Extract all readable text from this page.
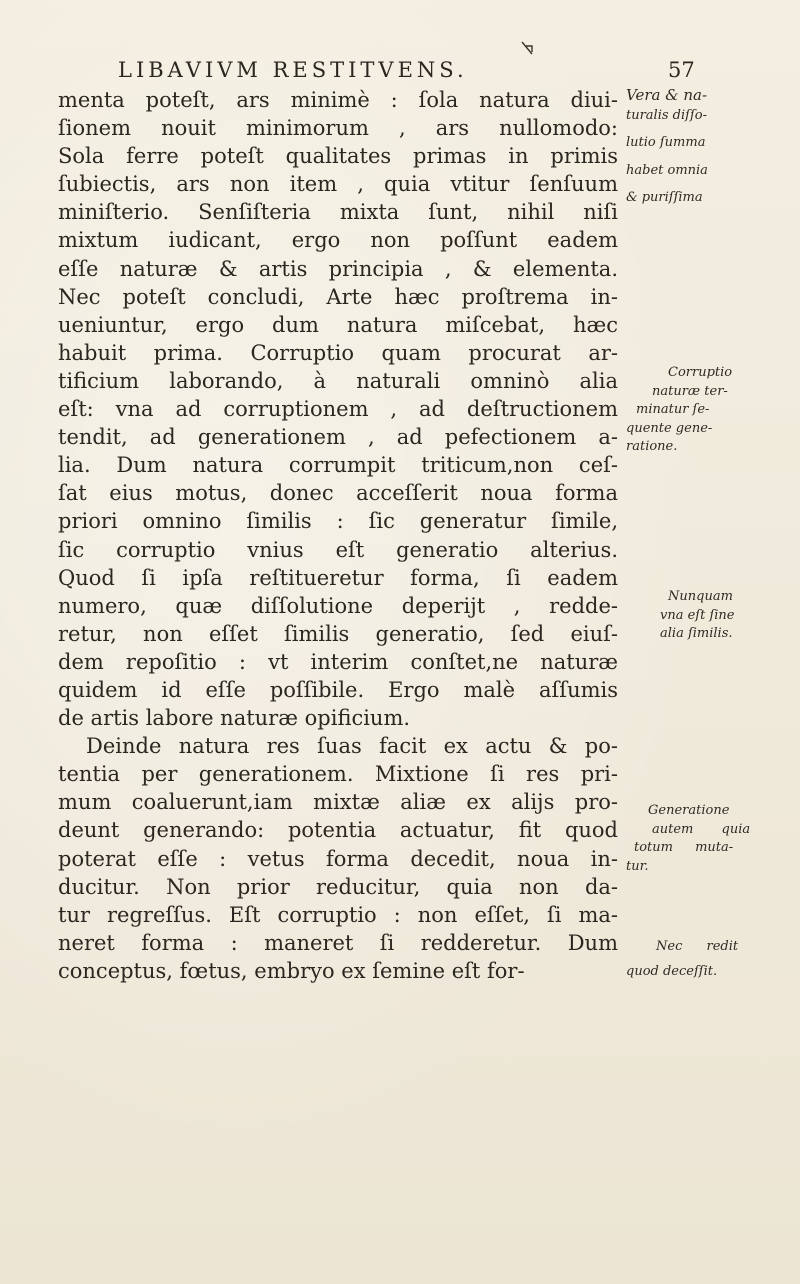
LIBAVIVM RESTITVENS.	57
menta poteſt, ars minimè : ſola natura diui-
ſionem nouit minimorum , ars nullomodo:
Sola ferre poteſt qualitates primas in primis
ſubiectis, ars non item , quia vtitur ſenſuum
miniſterio. Senſiſteria mixta ſunt, nihil niſi
mixtum iudicant, ergo non poſſunt eadem
eſſe naturæ & artis principia , & elementa.
Nec poteſt concludi, Arte hæc proſtrema in-
ueniuntur, ergo dum natura miſcebat, hæc
habuit prima. Corruptio quam procurat ar-
tificium laborando, à naturali omninò alia
eſt: vna ad corruptionem , ad deſtructionem
tendit, ad generationem , ad pefectionem a-
lia. Dum natura corrumpit triticum,non ceſ-
ſat eius motus, donec acceſſerit noua forma
priori omnino ſimilis : ſic generatur ſimile,
ſic corruptio vnius eſt generatio alterius.
Quod ſi ipſa reſtitueretur forma, ſi eadem
numero, quæ diſſolutione deperijt , redde-
retur, non eſſet ſimilis generatio, ſed eiuſ-
dem repoſitio : vt interim conſtet,ne naturæ
quidem id eſſe poſſibile. Ergo malè aſſumis
de artis labore naturæ opificium.
Deinde natura res ſuas facit ex actu & po-
tentia per generationem. Mixtione ſi res pri-
mum coaluerunt,iam mixtæ aliæ ex alijs pro-
deunt generando: potentia actuatur, fit quod
poterat eſſe : vetus forma decedit, noua in-
ducitur. Non prior reducitur, quia non da-
tur regreſſus. Eſt corruptio : non eſſet, ſi ma-
neret forma : maneret ſi redderetur. Dum
conceptus, fœtus, embryo ex ſemine eſt for-
Vera & na-
turalis diſſo-
lutio ſumma
habet omnia
& puriſſima
Corruptio
naturæ ter-
minatur ſe-
quente gene-
ratione.
Nunquam
vna eſt ſine
alia ſimilis.
Generatione
autem quia
totum muta-
tur.
Nec redit
quod deceſſit.
